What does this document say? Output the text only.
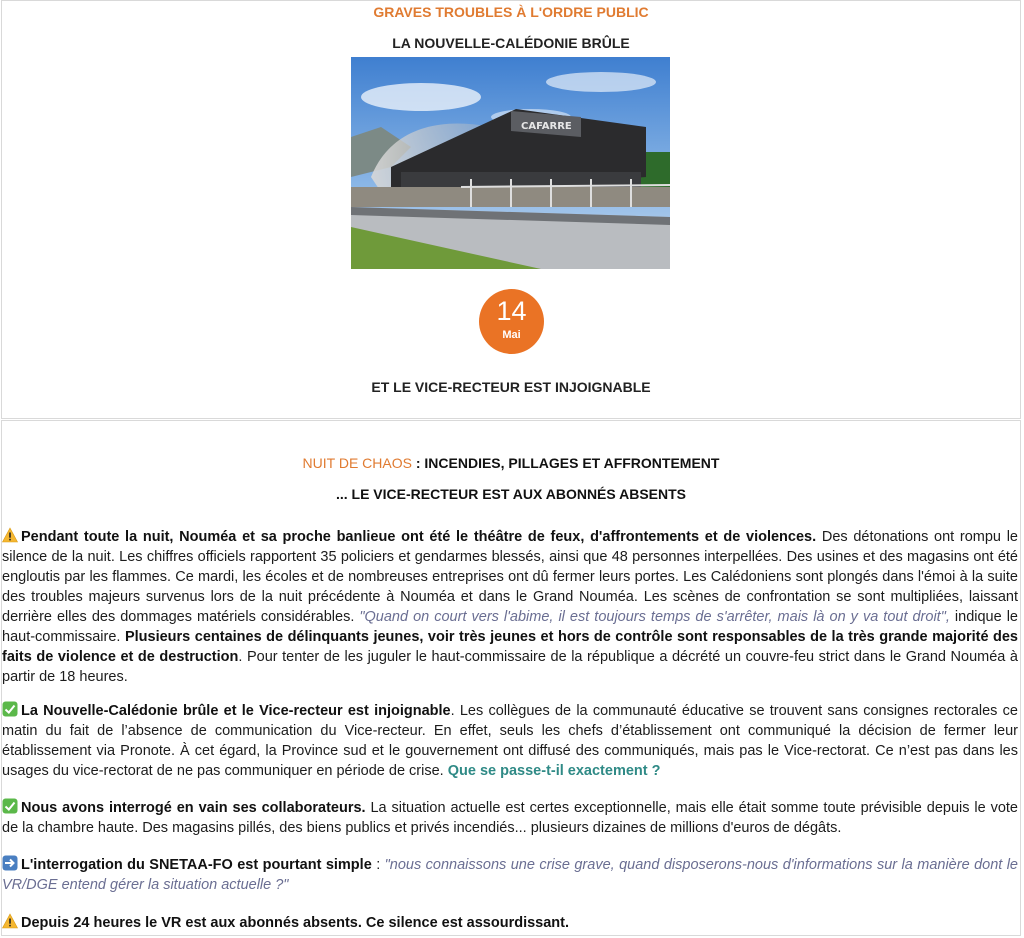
GRAVES TROUBLES À L'ORDRE PUBLIC
LA NOUVELLE-CALÉDONIE BRÛLE
CAFARRE
14
Mai
ET LE VICE-RECTEUR EST INJOIGNABLE
NUIT DE CHAOS : INCENDIES, PILLAGES ET AFFRONTEMENT
... LE VICE-RECTEUR EST AUX ABONNÉS ABSENTS
Pendant toute la nuit, Nouméa et sa proche banlieue ont été le théâtre de feux, d'affrontements et de violences. Des détonations ont rompu le silence de la nuit. Les chiffres officiels rapportent 35 policiers et gendarmes blessés, ainsi que 48 personnes interpellées. Des usines et des magasins ont été engloutis par les flammes. Ce mardi, les écoles et de nombreuses entreprises ont dû fermer leurs portes. Les Calédoniens sont plongés dans l'émoi à la suite des troubles majeurs survenus lors de la nuit précédente à Nouméa et dans le Grand Nouméa. Les scènes de confrontation se sont multipliées, laissant derrière elles des dommages matériels considérables. "Quand on court vers l'abime, il est toujours temps de s'arrêter, mais là on y va tout droit", indique le haut-commissaire. Plusieurs centaines de délinquants jeunes, voir très jeunes et hors de contrôle sont responsables de la très grande majorité des faits de violence et de destruction. Pour tenter de les juguler le haut-commissaire de la république a décrété un couvre-feu strict dans le Grand Nouméa à partir de 18 heures.
La Nouvelle-Calédonie brûle et le Vice-recteur est injoignable. Les collègues de la communauté éducative se trouvent sans consignes rectorales ce matin du fait de l’absence de communication du Vice-recteur. En effet, seuls les chefs d’établissement ont communiqué la décision de fermer leur établissement via Pronote. À cet égard, la Province sud et le gouvernement ont diffusé des communiqués, mais pas le Vice-rectorat. Ce n’est pas dans les usages du vice-rectorat de ne pas communiquer en période de crise. Que se passe-t-il exactement ?
Nous avons interrogé en vain ses collaborateurs. La situation actuelle est certes exceptionnelle, mais elle était somme toute prévisible depuis le vote de la chambre haute. Des magasins pillés, des biens publics et privés incendiés... plusieurs dizaines de millions d'euros de dégâts.
L'interrogation du SNETAA-FO est pourtant simple : "nous connaissons une crise grave, quand disposerons-nous d'informations sur la manière dont le VR/DGE entend gérer la situation actuelle ?"
Depuis 24 heures le VR est aux abonnés absents. Ce silence est assourdissant.
